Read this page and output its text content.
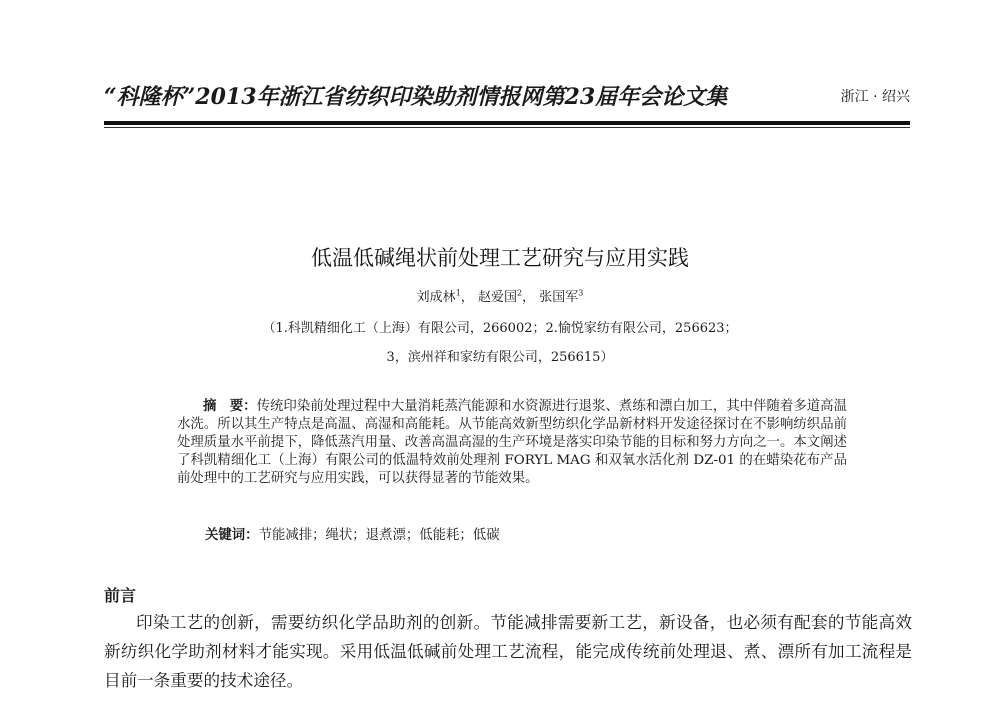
“科隆杯”2013年浙江省纺织印染助剂情报网第23届年会论文集	浙江 · 绍兴
低温低碱绳状前处理工艺研究与应用实践
刘成林$^1$， 赵爱国$^2$， 张国军$^3$
（1.科凯精细化工（上海）有限公司，266002；2.愉悦家纺有限公司，256623；
3，滨州祥和家纺有限公司，256615）

摘　要：传统印染前处理过程中大量消耗蒸汽能源和水资源进行退浆、煮练和漂白加工，其中伴随着多道高温水洗。所以其生产特点是高温、高湿和高能耗。从节能高效新型纺织化学品新材料开发途径探讨在不影响纺织品前处理质量水平前提下，降低蒸汽用量、改善高温高湿的生产环境是落实印染节能的目标和努力方向之一。本文阐述了科凯精细化工（上海）有限公司的低温特效前处理剂 FORYL MAG 和双氧水活化剂 DZ-01 的在蜡染花布产品前处理中的工艺研究与应用实践，可以获得显著的节能效果。

关键词：节能减排；绳状；退煮漂；低能耗；低碳
前言

印染工艺的创新，需要纺织化学品助剂的创新。节能减排需要新工艺，新设备，也必须有配套的节能高效新纺织化学助剂材料才能实现。采用低温低碱前处理工艺流程，能完成传统前处理退、煮、漂所有加工流程是目前一条重要的技术途径。
